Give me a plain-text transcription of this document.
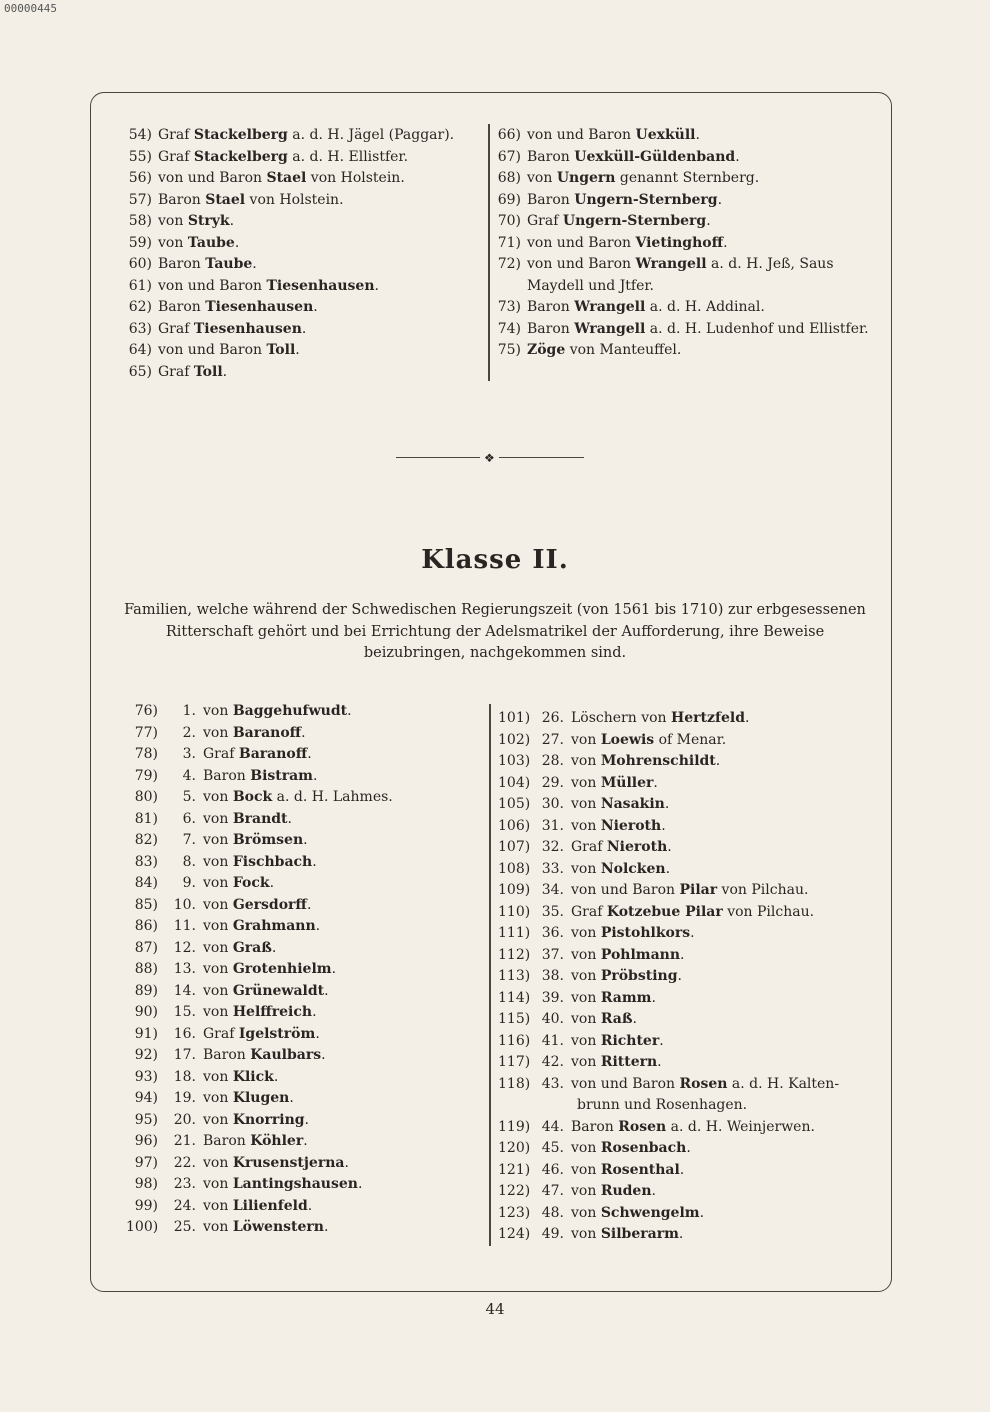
00000445
54) Graf Stackelberg a. d. H. Jägel (Paggar).
55) Graf Stackelberg a. d. H. Ellistfer.
56) von und Baron Stael von Holstein.
57) Baron Stael von Holstein.
58) von Stryk.
59) von Taube.
60) Baron Taube.
61) von und Baron Tiesenhausen.
62) Baron Tiesenhausen.
63) Graf Tiesenhausen.
64) von und Baron Toll.
65) Graf Toll.
66) von und Baron Uexküll.
67) Baron Uexküll-Güldenband.
68) von Ungern genannt Sternberg.
69) Baron Ungern-Sternberg.
70) Graf Ungern-Sternberg.
71) von und Baron Vietinghoff.
72) von und Baron Wrangell a. d. H. Jeß, Saus
Maydell und Jtfer.
73) Baron Wrangell a. d. H. Addinal.
74) Baron Wrangell a. d. H. Ludenhof und Ellistfer.
75) Zöge von Manteuffel.
❖
Klasse II.
Familien, welche während der Schwedischen Regierungszeit (von 1561 bis 1710) zur erbgesessenen Ritterschaft gehört und bei Errichtung der Adelsmatrikel der Aufforderung, ihre Beweise beizubringen, nachgekommen sind.
76)	1. von Baggehufwudt.
77)	2. von Baranoff.
78)	3. Graf Baranoff.
79)	4. Baron Bistram.
80)	5. von Bock a. d. H. Lahmes.
81)	6. von Brandt.
82)	7. von Brömsen.
83)	8. von Fischbach.
84)	9. von Fock.
85)	10. von Gersdorff.
86)	11. von Grahmann.
87)	12. von Graß.
88)	13. von Grotenhielm.
89)	14. von Grünewaldt.
90)	15. von Helffreich.
91)	16. Graf Igelström.
92)	17. Baron Kaulbars.
93)	18. von Klick.
94)	19. von Klugen.
95)	20. von Knorring.
96)	21. Baron Köhler.
97)	22. von Krusenstjerna.
98)	23. von Lantingshausen.
99)	24. von Lilienfeld.
100)	25. von Löwenstern.
101) 26. Löschern von Hertzfeld.
102) 27. von Loewis of Menar.
103) 28. von Mohrenschildt.
104) 29. von Müller.
105) 30. von Nasakin.
106) 31. von Nieroth.
107) 32. Graf Nieroth.
108) 33. von Nolcken.
109) 34. von und Baron Pilar von Pilchau.
110) 35. Graf Kotzebue Pilar von Pilchau.
111) 36. von Pistohlkors.
112) 37. von Pohlmann.
113) 38. von Pröbsting.
114) 39. von Ramm.
115) 40. von Raß.
116) 41. von Richter.
117) 42. von Rittern.
118) 43. von und Baron Rosen a. d. H. Kalten-
brunn und Rosenhagen.
119) 44. Baron Rosen a. d. H. Weinjerwen.
120) 45. von Rosenbach.
121) 46. von Rosenthal.
122) 47. von Ruden.
123) 48. von Schwengelm.
124) 49. von Silberarm.
44
